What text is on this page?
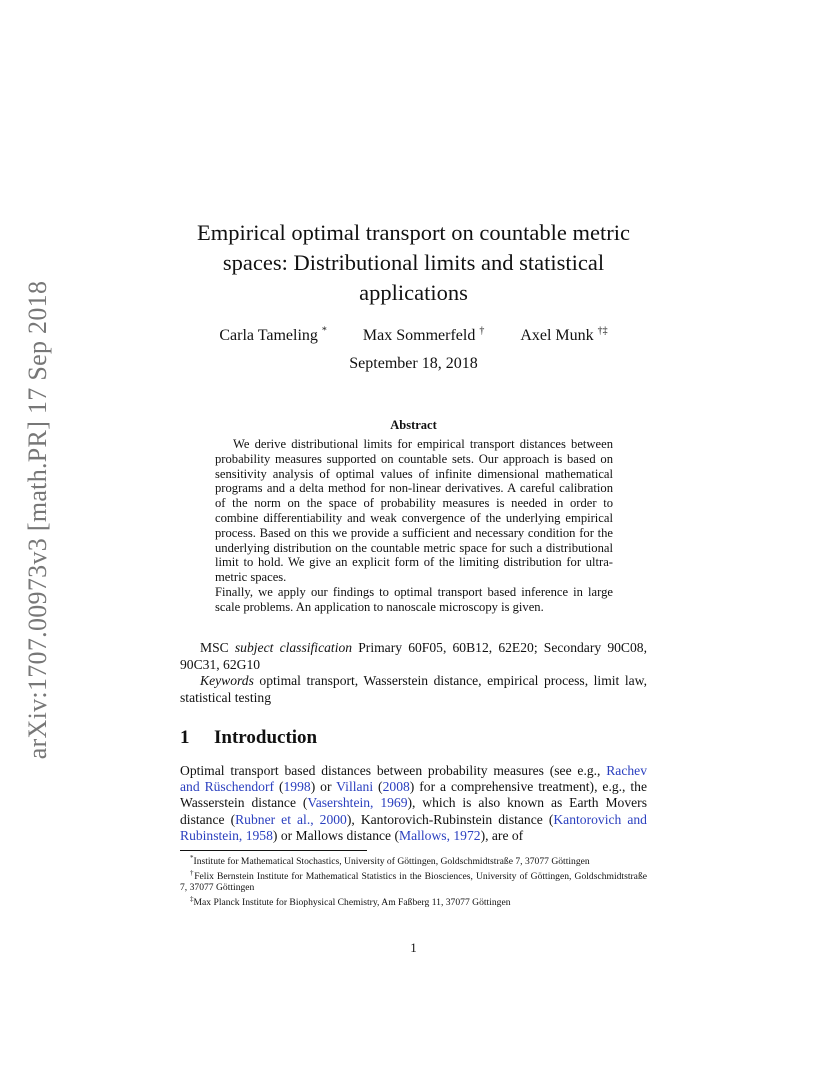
arXiv:1707.00973v3 [math.PR] 17 Sep 2018
Empirical optimal transport on countable metric
spaces: Distributional limits and statistical
applications
Carla Tameling * Max Sommerfeld † Axel Munk †‡
September 18, 2018
Abstract

We derive distributional limits for empirical transport distances between probability measures supported on countable sets. Our approach is based on sensitivity analysis of optimal values of infinite dimensional mathematical programs and a delta method for non-linear derivatives. A careful calibration of the norm on the space of probability measures is needed in order to combine differentiability and weak convergence of the underlying empirical process. Based on this we provide a sufficient and necessary condition for the underlying distribution on the countable metric space for such a distributional limit to hold. We give an explicit form of the limiting distribution for ultra-metric spaces.

Finally, we apply our findings to optimal transport based inference in large scale problems. An application to nanoscale microscopy is given.

MSC subject classification Primary 60F05, 60B12, 62E20; Secondary 90C08, 90C31, 62G10

Keywords optimal transport, Wasserstein distance, empirical process, limit law, statistical testing

1 Introduction

Optimal transport based distances between probability measures (see e.g., Rachev and Rüschendorf (1998) or Villani (2008) for a comprehensive treatment), e.g., the Wasserstein distance (Vasershtein, 1969), which is also known as Earth Movers distance (Rubner et al., 2000), Kantorovich-Rubinstein distance (Kantorovich and Rubinstein, 1958) or Mallows distance (Mallows, 1972), are of

*Institute for Mathematical Stochastics, University of Göttingen, Goldschmidtstraße 7, 37077 Göttingen

†Felix Bernstein Institute for Mathematical Statistics in the Biosciences, University of Göttingen, Goldschmidtstraße 7, 37077 Göttingen

‡Max Planck Institute for Biophysical Chemistry, Am Faßberg 11, 37077 Göttingen

1
